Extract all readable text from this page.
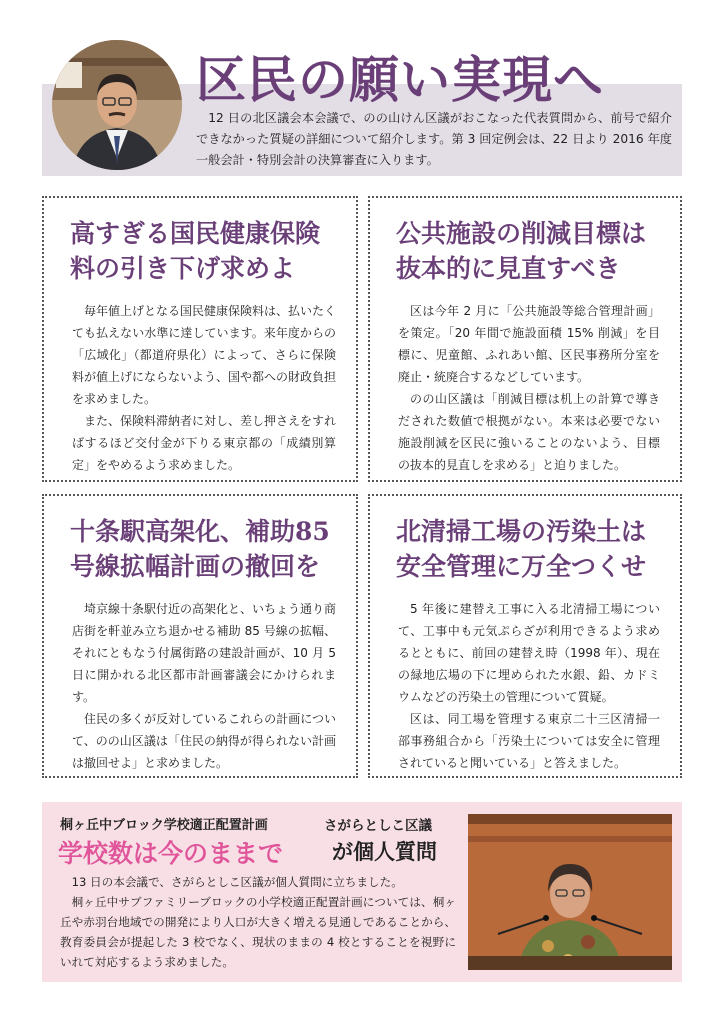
区民の願い実現へ
12 日の北区議会本会議で、のの山けん区議がおこなった代表質問から、前号で紹介できなかった質疑の詳細について紹介します。第 3 回定例会は、22 日より 2016 年度一般会計・特別会計の決算審査に入ります。
高すぎる国民健康保険
料の引き下げ求めよ

毎年値上げとなる国民健康保険料は、払いたくても払えない水準に達しています。来年度からの「広域化」（都道府県化）によって、さらに保険料が値上げにならないよう、国や都への財政負担を求めました。

また、保険料滞納者に対し、差し押さえをすればするほど交付金が下りる東京都の「成績別算定」をやめるよう求めました。

公共施設の削減目標は
抜本的に見直すべき

区は今年 2 月に「公共施設等総合管理計画」を策定。「20 年間で施設面積 15% 削減」を目標に、児童館、ふれあい館、区民事務所分室を廃止・統廃合するなどしています。

のの山区議は「削減目標は机上の計算で導きだされた数値で根拠がない。本来は必要でない施設削減を区民に強いることのないよう、目標の抜本的見直しを求める」と迫りました。

十条駅高架化、補助85
号線拡幅計画の撤回を

埼京線十条駅付近の高架化と、いちょう通り商店街を軒並み立ち退かせる補助 85 号線の拡幅、それにともなう付属街路の建設計画が、10 月 5 日に開かれる北区都市計画審議会にかけられます。

住民の多くが反対しているこれらの計画について、のの山区議は「住民の納得が得られない計画は撤回せよ」と求めました。

北清掃工場の汚染土は
安全管理に万全つくせ

5 年後に建替え工事に入る北清掃工場について、工事中も元気ぷらざが利用できるよう求めるとともに、前回の建替え時（1998 年）、現在の緑地広場の下に埋められた水銀、鉛、カドミウムなどの汚染土の管理について質疑。

区は、同工場を管理する東京二十三区清掃一部事務組合から「汚染土については安全に管理されていると聞いている」と答えました。

桐ヶ丘中ブロック学校適正配置計画
学校数は今のままで
さがらとしこ区議
が個人質問

13 日の本会議で、さがらとしこ区議が個人質問に立ちました。

桐ヶ丘中サブファミリーブロックの小学校適正配置計画については、桐ヶ丘や赤羽台地域での開発により人口が大きく増える見通しであることから、教育委員会が提起した 3 校でなく、現状のままの 4 校とすることを視野にいれて対応するよう求めました。
